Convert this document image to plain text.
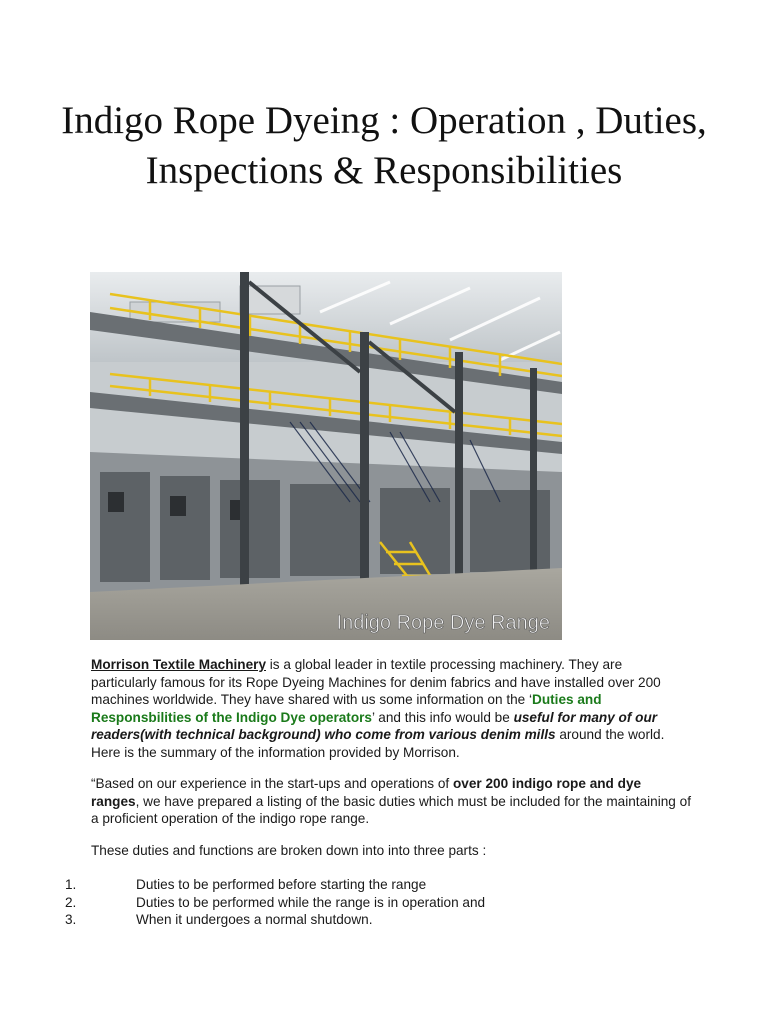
Indigo Rope Dyeing : Operation , Duties, Inspections & Responsibilities
Indigo Rope Dye Range

Morrison Textile Machinery is a global leader in textile processing machinery. They are particularly famous for its Rope Dyeing Machines for denim fabrics and have installed over 200 machines worldwide. They have shared with us some information on the ‘Duties and Responsbilities of the Indigo Dye operators’ and this info would be useful for many of our readers(with technical background) who come from various denim mills around the world. Here is the summary of the information provided by Morrison.

“Based on our experience in the start-ups and operations of over 200 indigo rope and dye ranges, we have prepared a listing of the basic duties which must be included for the maintaining of a proficient operation of the indigo rope range.

These duties and functions are broken down into into three parts :

1.	Duties to be performed before starting the range
2.	Duties to be performed while the range is in operation and
3.	When it undergoes a normal shutdown.
